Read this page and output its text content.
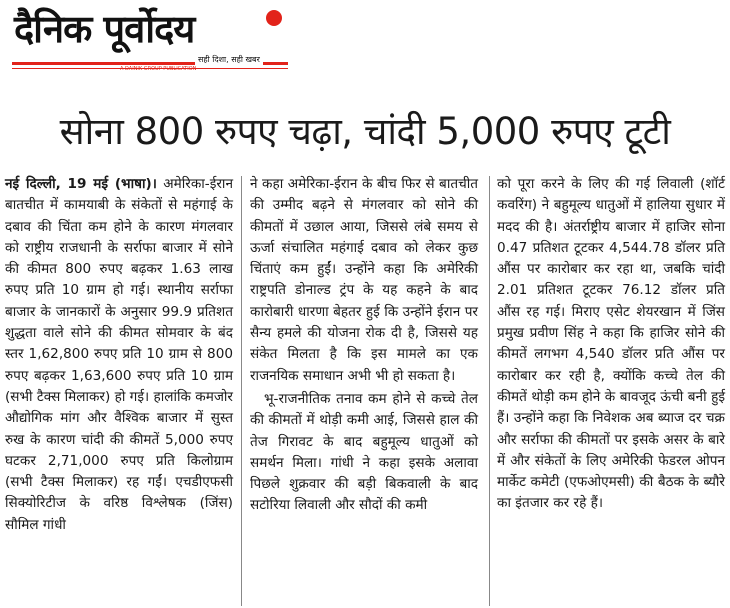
दैनिक पूर्वोदय
सही दिशा, सही खबर
A DAINIK GROUP PUBLICATION
सोना 800 रुपए चढ़ा, चांदी 5,000 रुपए टूटी

नई दिल्ली, 19 मई (भाषा)। अमेरिका-ईरान बातचीत में कामयाबी के संकेतों से महंगाई के दबाव की चिंता कम होने के कारण मंगलवार को राष्ट्रीय राजधानी के सर्राफा बाजार में सोने की कीमत 800 रुपए बढ़कर 1.63 लाख रुपए प्रति 10 ग्राम हो गई। स्थानीय सर्राफा बाजार के जानकारों के अनुसार 99.9 प्रतिशत शुद्धता वाले सोने की कीमत सोमवार के बंद स्तर 1,62,800 रुपए प्रति 10 ग्राम से 800 रुपए बढ़कर 1,63,600 रुपए प्रति 10 ग्राम (सभी टैक्स मिलाकर) हो गई। हालांकि कमजोर औद्योगिक मांग और वैश्विक बाजार में सुस्त रुख के कारण चांदी की कीमतें 5,000 रुपए घटकर 2,71,000 रुपए प्रति किलोग्राम (सभी टैक्स मिलाकर) रह गईं। एचडीएफसी सिक्योरिटीज के वरिष्ठ विश्लेषक (जिंस) सौमिल गांधी

ने कहा अमेरिका-ईरान के बीच फिर से बातचीत की उम्मीद बढ़ने से मंगलवार को सोने की कीमतों में उछाल आया, जिससे लंबे समय से ऊर्जा संचालित महंगाई दबाव को लेकर कुछ चिंताएं कम हुईं। उन्होंने कहा कि अमेरिकी राष्ट्रपति डोनाल्ड ट्रंप के यह कहने के बाद कारोबारी धारणा बेहतर हुई कि उन्होंने ईरान पर सैन्य हमले की योजना रोक दी है, जिससे यह संकेत मिलता है कि इस मामले का एक राजनयिक समाधान अभी भी हो सकता है।

भू-राजनीतिक तनाव कम होने से कच्चे तेल की कीमतों में थोड़ी कमी आई, जिससे हाल की तेज गिरावट के बाद बहुमूल्य धातुओं को समर्थन मिला। गांधी ने कहा इसके अलावा पिछले शुक्रवार की बड़ी बिकवाली के बाद सटोरिया लिवाली और सौदों की कमी

को पूरा करने के लिए की गई लिवाली (शॉर्ट कवरिंग) ने बहुमूल्य धातुओं में हालिया सुधार में मदद की है। अंतर्राष्ट्रीय बाजार में हाजिर सोना 0.47 प्रतिशत टूटकर 4,544.78 डॉलर प्रति औंस पर कारोबार कर रहा था, जबकि चांदी 2.01 प्रतिशत टूटकर 76.12 डॉलर प्रति औंस रह गई। मिराए एसेट शेयरखान में जिंस प्रमुख प्रवीण सिंह ने कहा कि हाजिर सोने की कीमतें लगभग 4,540 डॉलर प्रति औंस पर कारोबार कर रही है, क्योंकि कच्चे तेल की कीमतें थोड़ी कम होने के बावजूद ऊंची बनी हुई हैं। उन्होंने कहा कि निवेशक अब ब्याज दर चक्र और सर्राफा की कीमतों पर इसके असर के बारे में और संकेतों के लिए अमेरिकी फेडरल ओपन मार्केट कमेटी (एफओएमसी) की बैठक के ब्यौरे का इंतजार कर रहे हैं।
